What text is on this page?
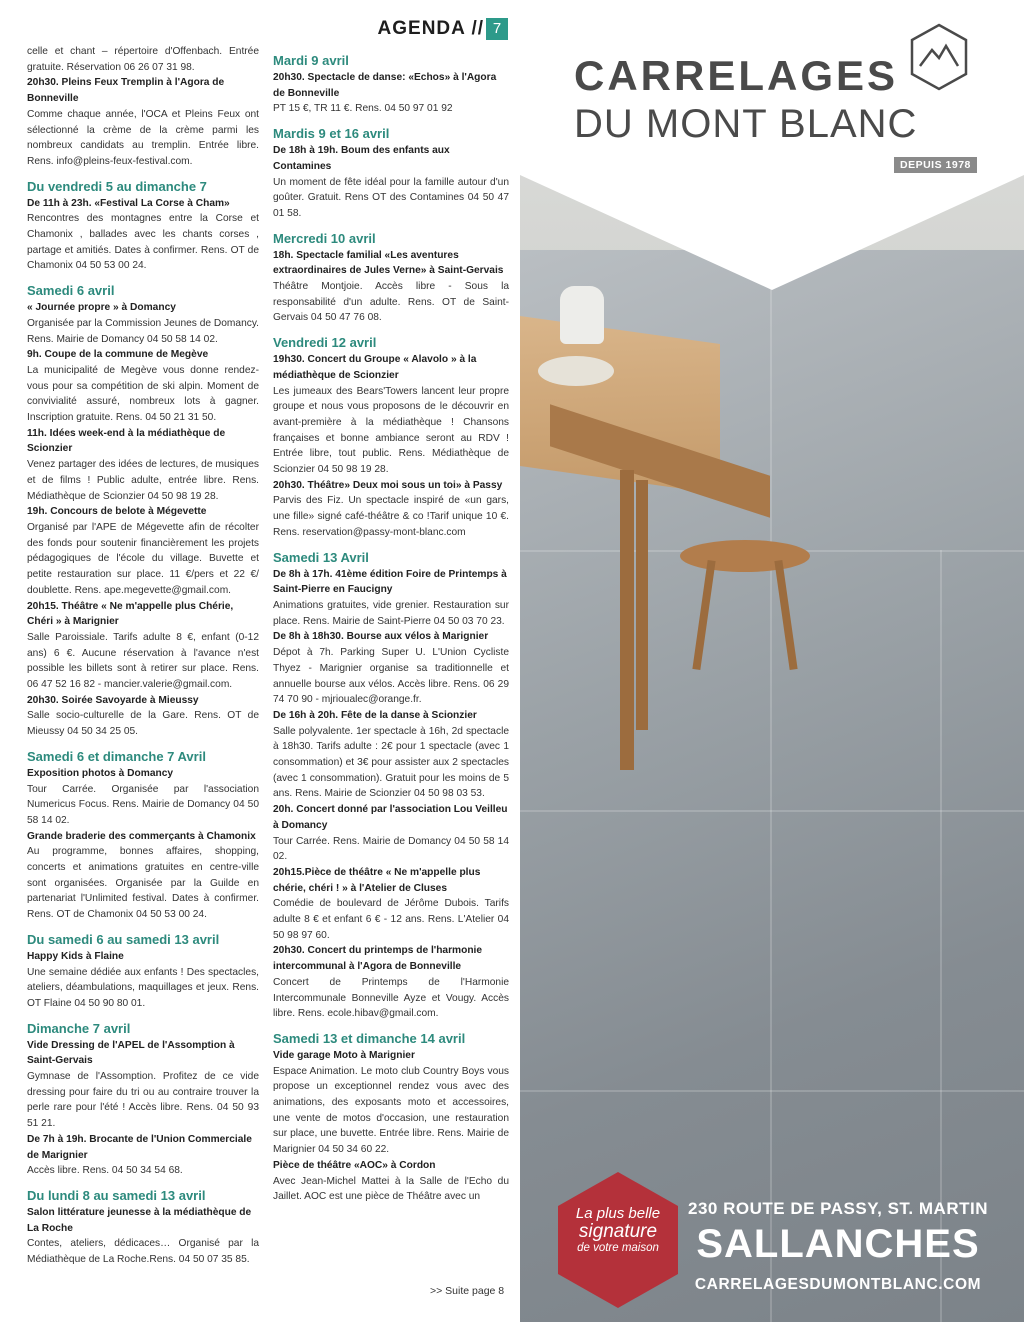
AGENDA // 7

celle et chant – répertoire d'Offenbach. Entrée gratuite. Réservation 06 26 07 31 98.

20h30. Pleins Feux Tremplin à l'Agora de Bonneville

Comme chaque année, l'OCA et Pleins Feux ont sélectionné la crème de la crème parmi les nombreux candidats au tremplin. Entrée libre. Rens. info@pleins-feux-festival.com.

Du vendredi 5 au dimanche 7

De 11h à 23h. «Festival La Corse à Cham»

Rencontres des montagnes entre la Corse et Chamonix , ballades avec les chants corses , partage et amitiés. Dates à confirmer. Rens. OT de Chamonix 04 50 53 00 24.

Samedi 6 avril

« Journée propre » à Domancy

Organisée par la Commission Jeunes de Domancy. Rens. Mairie de Domancy 04 50 58 14 02.

9h. Coupe de la commune de Megève

La municipalité de Megève vous donne rendez-vous pour sa compétition de ski alpin. Moment de convivialité assuré, nombreux lots à gagner. Inscription gratuite. Rens. 04 50 21 31 50.

11h. Idées week-end à la médiathèque de Scionzier

Venez partager des idées de lectures, de musiques et de films ! Public adulte, entrée libre. Rens. Médiathèque de Scionzier 04 50 98 19 28.

19h. Concours de belote à Mégevette

Organisé par l'APE de Mégevette afin de récolter des fonds pour soutenir financièrement les projets pédagogiques de l'école du village. Buvette et petite restauration sur place. 11 €/pers et 22 €/ doublette. Rens. ape.megevette@gmail.com.

20h15. Théâtre « Ne m'appelle plus Chérie, Chéri » à Marignier

Salle Paroissiale. Tarifs adulte 8 €, enfant (0-12 ans) 6 €. Aucune réservation à l'avance n'est possible les billets sont à retirer sur place. Rens. 06 47 52 16 82 - mancier.valerie@gmail.com.

20h30. Soirée Savoyarde à Mieussy

Salle socio-culturelle de la Gare. Rens. OT de Mieussy 04 50 34 25 05.

Samedi 6 et dimanche 7 Avril

Exposition photos à Domancy

Tour Carrée. Organisée par l'association Numericus Focus. Rens. Mairie de Domancy 04 50 58 14 02.

Grande braderie des commerçants à Chamonix

Au programme, bonnes affaires, shopping, concerts et animations gratuites en centre-ville sont organisées. Organisée par la Guilde en partenariat l'Unlimited festival. Dates à confirmer. Rens. OT de Chamonix 04 50 53 00 24.

Du samedi 6 au samedi 13 avril

Happy Kids à Flaine

Une semaine dédiée aux enfants ! Des spectacles, ateliers, déambulations, maquillages et jeux. Rens. OT Flaine 04 50 90 80 01.

Dimanche 7 avril

Vide Dressing de l'APEL de l'Assomption à Saint-Gervais

Gymnase de l'Assomption. Profitez de ce vide dressing pour faire du tri ou au contraire trouver la perle rare pour l'été ! Accès libre. Rens. 04 50 93 51 21.

De 7h à 19h. Brocante de l'Union Commerciale de Marignier

Accès libre. Rens. 04 50 34 54 68.

Du lundi 8 au samedi 13 avril

Salon littérature jeunesse à la médiathèque de La Roche

Contes, ateliers, dédicaces… Organisé par la Médiathèque de La Roche.Rens. 04 50 07 35 85.

Mardi 9 avril

20h30. Spectacle de danse: «Echos» à l'Agora de Bonneville

PT 15 €, TR 11 €. Rens. 04 50 97 01 92

Mardis 9 et 16 avril

De 18h à 19h. Boum des enfants aux Contamines

Un moment de fête idéal pour la famille autour d'un goûter. Gratuit. Rens OT des Contamines 04 50 47 01 58.

Mercredi 10 avril

18h. Spectacle familial «Les aventures extraordinaires de Jules Verne» à Saint-Gervais

Théâtre Montjoie. Accès libre - Sous la responsabilité d'un adulte. Rens. OT de Saint-Gervais 04 50 47 76 08.

Vendredi 12 avril

19h30. Concert du Groupe « Alavolo » à la médiathèque de Scionzier

Les jumeaux des Bears'Towers lancent leur propre groupe et nous vous proposons de le découvrir en avant-première à la médiathèque ! Chansons françaises et bonne ambiance seront au RDV ! Entrée libre, tout public. Rens. Médiathèque de Scionzier 04 50 98 19 28.

20h30. Théâtre» Deux moi sous un toi» à Passy

Parvis des Fiz. Un spectacle inspiré de «un gars, une fille» signé café-théâtre & co !Tarif unique 10 €. Rens. reservation@passy-mont-blanc.com

Samedi 13 Avril

De 8h à 17h. 41ème édition Foire de Printemps à Saint-Pierre en Faucigny

Animations gratuites, vide grenier. Restauration sur place. Rens. Mairie de Saint-Pierre 04 50 03 70 23.

De 8h à 18h30. Bourse aux vélos à Marignier

Dépot à 7h. Parking Super U. L'Union Cycliste Thyez - Marignier organise sa traditionnelle et annuelle bourse aux vélos. Accès libre. Rens. 06 29 74 70 90 - mjrioualec@orange.fr.

De 16h à 20h. Fête de la danse à Scionzier

Salle polyvalente. 1er spectacle à 16h, 2d spectacle à 18h30. Tarifs adulte : 2€ pour 1 spectacle (avec 1 consommation) et 3€ pour assister aux 2 spectacles (avec 1 consommation). Gratuit pour les moins de 5 ans. Rens. Mairie de Scionzier 04 50 98 03 53.

20h. Concert donné par l'association Lou Veilleu à Domancy

Tour Carrée. Rens. Mairie de Domancy 04 50 58 14 02.

20h15.Pièce de théâtre « Ne m'appelle plus chérie, chéri ! » à l'Atelier de Cluses

Comédie de boulevard de Jérôme Dubois. Tarifs adulte 8 € et enfant 6 € - 12 ans. Rens. L'Atelier 04 50 98 97 60.

20h30. Concert du printemps de l'harmonie intercommunal à l'Agora de Bonneville

Concert de Printemps de l'Harmonie Intercommunale Bonneville Ayze et Vougy. Accès libre. Rens. ecole.hibav@gmail.com.

Samedi 13 et dimanche 14 avril

Vide garage Moto à Marignier

Espace Animation. Le moto club Country Boys vous propose un exceptionnel rendez vous avec des animations, des exposants moto et accessoires, une vente de motos d'occasion, une restauration sur place, une buvette. Entrée libre. Rens. Mairie de Marignier 04 50 34 60 22.

Pièce de théâtre «AOC» à Cordon

Avec Jean-Michel Mattei à la Salle de l'Echo du Jaillet. AOC est une pièce de Théâtre avec un

>> Suite page 8
CARRELAGES
DU MONT BLANC
DEPUIS 1978
La plus belle
signature
de votre maison
230 ROUTE DE PASSY, ST. MARTIN
SALLANCHES
CARRELAGESDUMONTBLANC.COM
